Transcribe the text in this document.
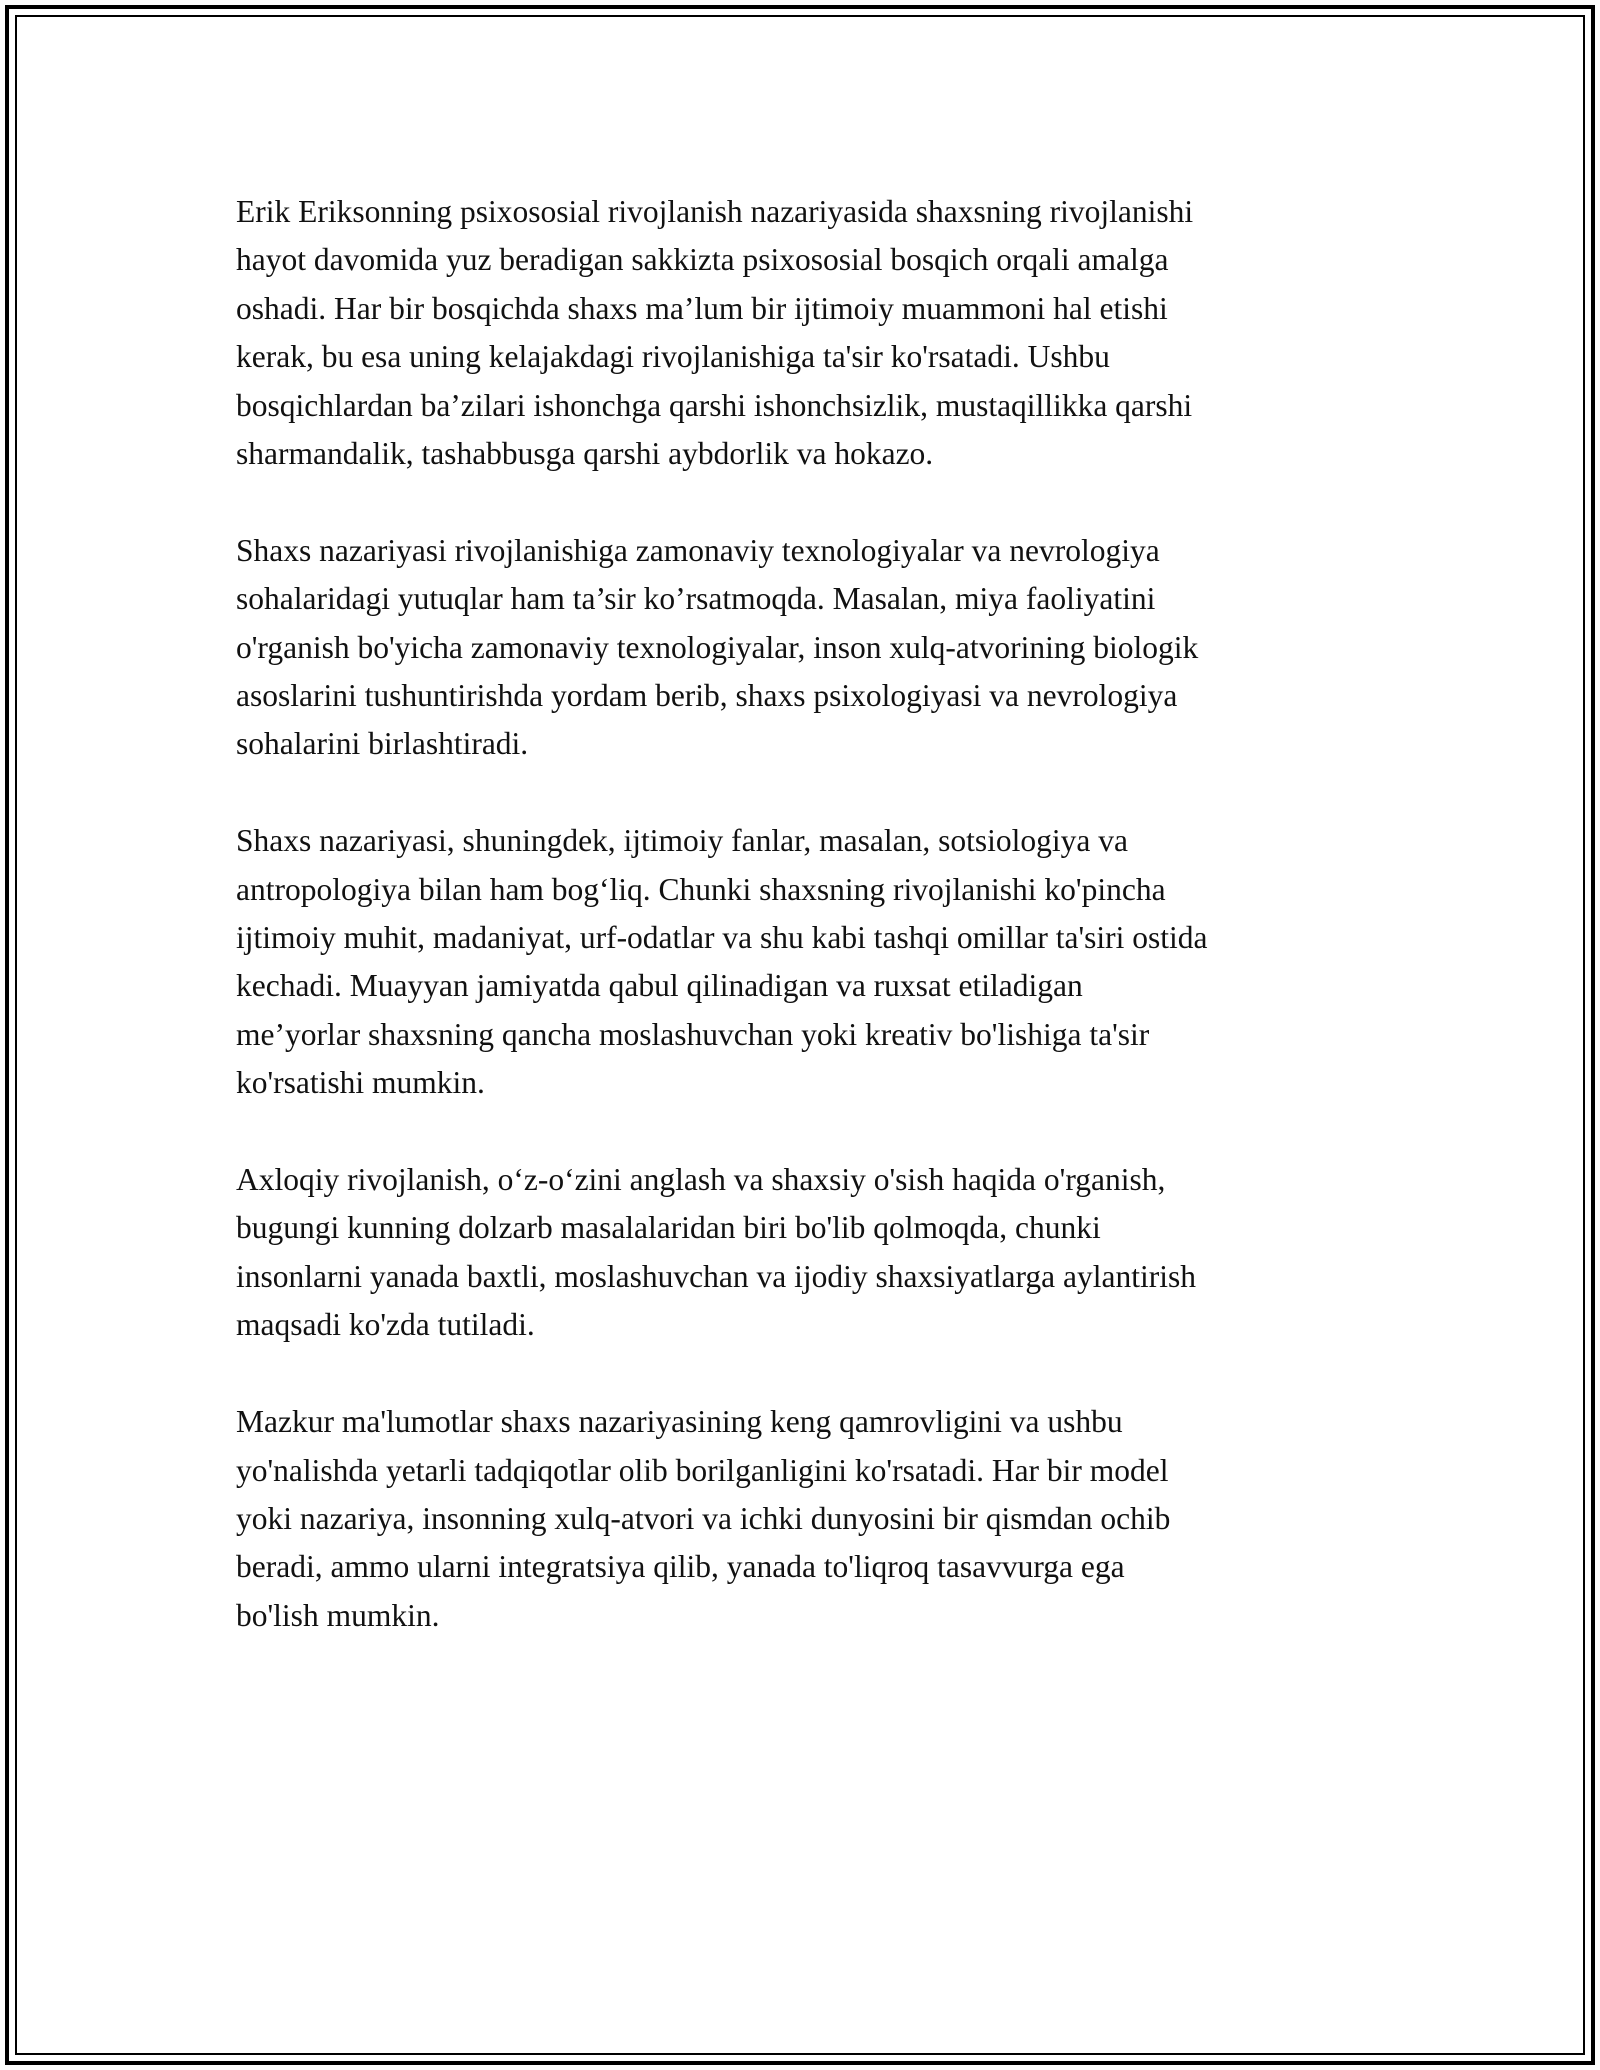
Erik Eriksonning psixososial rivojlanish nazariyasida shaxsning rivojlanishi
hayot davomida yuz beradigan sakkizta psixososial bosqich orqali amalga
oshadi. Har bir bosqichda shaxs ma’lum bir ijtimoiy muammoni hal etishi
kerak, bu esa uning kelajakdagi rivojlanishiga ta'sir ko'rsatadi. Ushbu
bosqichlardan ba’zilari ishonchga qarshi ishonchsizlik, mustaqillikka qarshi
sharmandalik, tashabbusga qarshi aybdorlik va hokazo.

Shaxs nazariyasi rivojlanishiga zamonaviy texnologiyalar va nevrologiya
sohalaridagi yutuqlar ham ta’sir ko’rsatmoqda. Masalan, miya faoliyatini
o'rganish bo'yicha zamonaviy texnologiyalar, inson xulq-atvorining biologik
asoslarini tushuntirishda yordam berib, shaxs psixologiyasi va nevrologiya
sohalarini birlashtiradi.

Shaxs nazariyasi, shuningdek, ijtimoiy fanlar, masalan, sotsiologiya va
antropologiya bilan ham bog‘liq. Chunki shaxsning rivojlanishi ko'pincha
ijtimoiy muhit, madaniyat, urf-odatlar va shu kabi tashqi omillar ta'siri ostida
kechadi. Muayyan jamiyatda qabul qilinadigan va ruxsat etiladigan
me’yorlar shaxsning qancha moslashuvchan yoki kreativ bo'lishiga ta'sir
ko'rsatishi mumkin.

Axloqiy rivojlanish, o‘z-o‘zini anglash va shaxsiy o'sish haqida o'rganish,
bugungi kunning dolzarb masalalaridan biri bo'lib qolmoqda, chunki
insonlarni yanada baxtli, moslashuvchan va ijodiy shaxsiyatlarga aylantirish
maqsadi ko'zda tutiladi.

Mazkur ma'lumotlar shaxs nazariyasining keng qamrovligini va ushbu
yo'nalishda yetarli tadqiqotlar olib borilganligini ko'rsatadi. Har bir model
yoki nazariya, insonning xulq-atvori va ichki dunyosini bir qismdan ochib
beradi, ammo ularni integratsiya qilib, yanada to'liqroq tasavvurga ega
bo'lish mumkin.
